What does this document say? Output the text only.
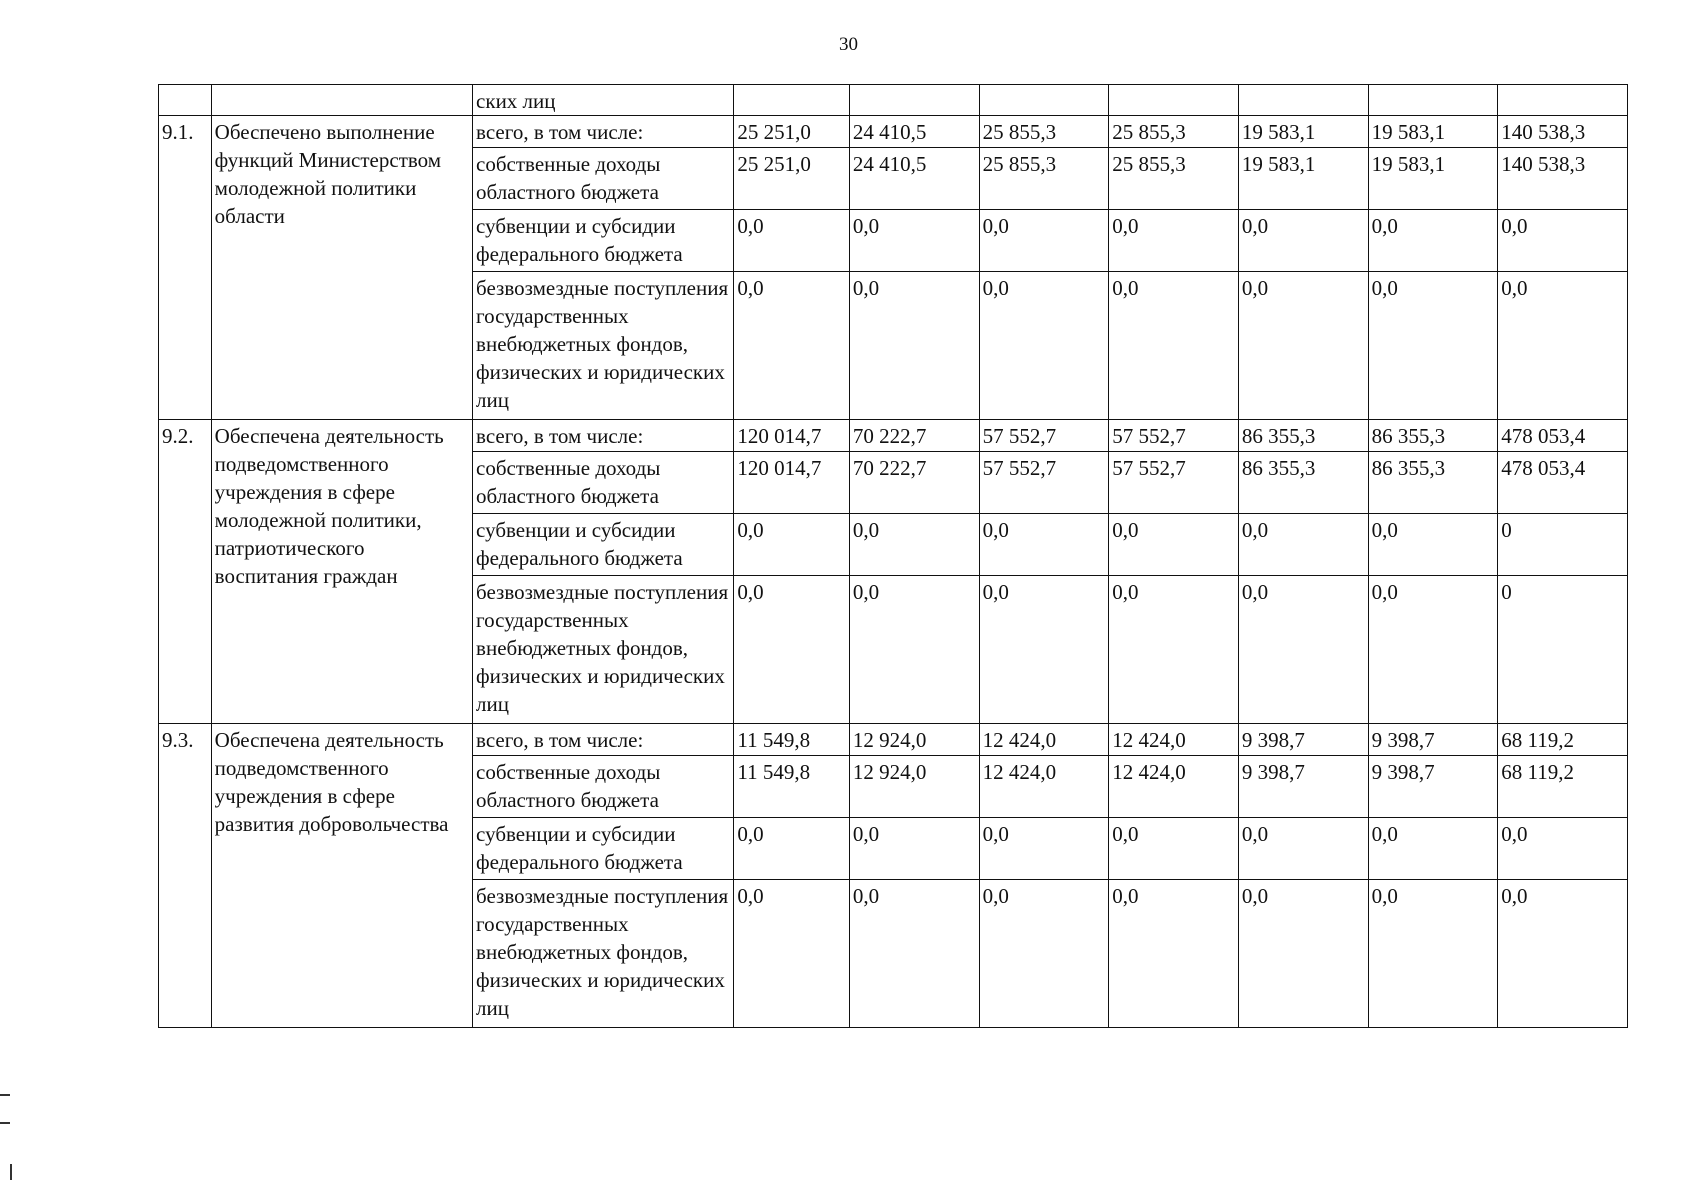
30
		ских лиц							
9.1.	Обеспечено выполнение функций Министерством молодежной политики области	всего, в том числе:	25 251,0	24 410,5	25 855,3	25 855,3	19 583,1	19 583,1	140 538,3
		собственные доходы областного бюджета	25 251,0	24 410,5	25 855,3	25 855,3	19 583,1	19 583,1	140 538,3
		субвенции и субсидии федерального бюджета	0,0	0,0	0,0	0,0	0,0	0,0	0,0
		безвозмездные поступления государственных внебюджетных фондов, физических и юридических лиц	0,0	0,0	0,0	0,0	0,0	0,0	0,0
9.2.	Обеспечена деятельность подведомственного учреждения в сфере молодежной политики, патриотического воспитания граждан	всего, в том числе:	120 014,7	70 222,7	57 552,7	57 552,7	86 355,3	86 355,3	478 053,4
		собственные доходы областного бюджета	120 014,7	70 222,7	57 552,7	57 552,7	86 355,3	86 355,3	478 053,4
		субвенции и субсидии федерального бюджета	0,0	0,0	0,0	0,0	0,0	0,0	0
		безвозмездные поступления государственных внебюджетных фондов, физических и юридических лиц	0,0	0,0	0,0	0,0	0,0	0,0	0
9.3.	Обеспечена деятельность подведомственного учреждения в сфере развития добровольчества	всего, в том числе:	11 549,8	12 924,0	12 424,0	12 424,0	9 398,7	9 398,7	68 119,2
		собственные доходы областного бюджета	11 549,8	12 924,0	12 424,0	12 424,0	9 398,7	9 398,7	68 119,2
		субвенции и субсидии федерального бюджета	0,0	0,0	0,0	0,0	0,0	0,0	0,0
		безвозмездные поступления государственных внебюджетных фондов, физических и юридических лиц	0,0	0,0	0,0	0,0	0,0	0,0	0,0
